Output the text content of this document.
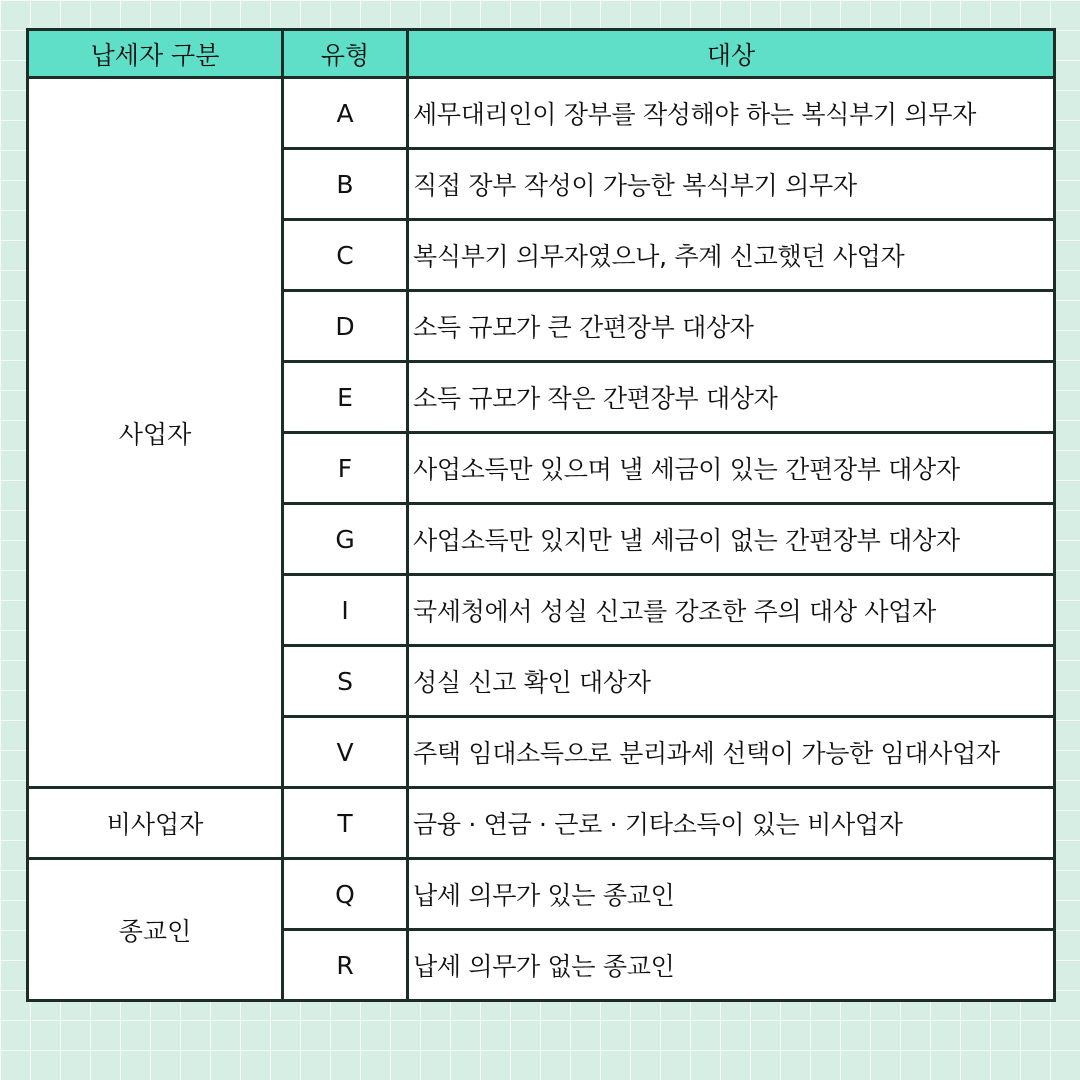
납세자 구분	유형	대상
사업자	A	세무대리인이 장부를 작성해야 하는 복식부기 의무자
	B	직접 장부 작성이 가능한 복식부기 의무자
	C	복식부기 의무자였으나, 추계 신고했던 사업자
	D	소득 규모가 큰 간편장부 대상자
	E	소득 규모가 작은 간편장부 대상자
	F	사업소득만 있으며 낼 세금이 있는 간편장부 대상자
	G	사업소득만 있지만 낼 세금이 없는 간편장부 대상자
	I	국세청에서 성실 신고를 강조한 주의 대상 사업자
	S	성실 신고 확인 대상자
	V	주택 임대소득으로 분리과세 선택이 가능한 임대사업자
비사업자	T	금융 · 연금 · 근로 · 기타소득이 있는 비사업자
종교인	Q	납세 의무가 있는 종교인
	R	납세 의무가 없는 종교인
